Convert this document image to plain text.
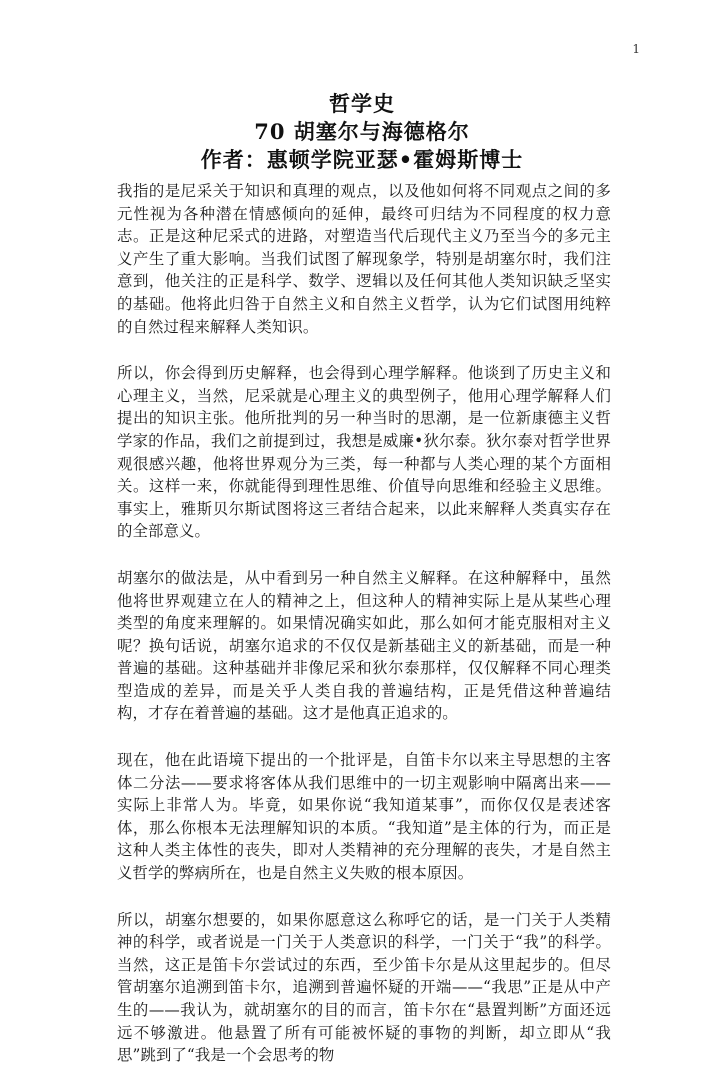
1
哲学史
70 胡塞尔与海德格尔
作者：惠顿学院亚瑟•霍姆斯博士

我指的是尼采关于知识和真理的观点，以及他如何将不同观点之间的多元性视为各种潜在情感倾向的延伸，最终可归结为不同程度的权力意志。正是这种尼采式的进路，对塑造当代后现代主义乃至当今的多元主义产生了重大影响。当我们试图了解现象学，特别是胡塞尔时，我们注意到，他关注的正是科学、数学、逻辑以及任何其他人类知识缺乏坚实的基础。他将此归咎于自然主义和自然主义哲学，认为它们试图用纯粹的自然过程来解释人类知识。

所以，你会得到历史解释，也会得到心理学解释。他谈到了历史主义和心理主义，当然，尼采就是心理主义的典型例子，他用心理学解释人们提出的知识主张。他所批判的另一种当时的思潮，是一位新康德主义哲学家的作品，我们之前提到过，我想是威廉•狄尔泰。狄尔泰对哲学世界观很感兴趣，他将世界观分为三类，每一种都与人类心理的某个方面相关。这样一来，你就能得到理性思维、价值导向思维和经验主义思维。事实上，雅斯贝尔斯试图将这三者结合起来，以此来解释人类真实存在的全部意义。

胡塞尔的做法是，从中看到另一种自然主义解释。在这种解释中，虽然他将世界观建立在人的精神之上，但这种人的精神实际上是从某些心理类型的角度来理解的。如果情况确实如此，那么如何才能克服相对主义呢？换句话说，胡塞尔追求的不仅仅是新基础主义的新基础，而是一种普遍的基础。这种基础并非像尼采和狄尔泰那样，仅仅解释不同心理类型造成的差异，而是关乎人类自我的普遍结构，正是凭借这种普遍结构，才存在着普遍的基础。这才是他真正追求的。

现在，他在此语境下提出的一个批评是，自笛卡尔以来主导思想的主客体二分法——要求将客体从我们思维中的一切主观影响中隔离出来——实际上非常人为。毕竟，如果你说“我知道某事”，而你仅仅是表述客体，那么你根本无法理解知识的本质。“我知道”是主体的行为，而正是这种人类主体性的丧失，即对人类精神的充分理解的丧失，才是自然主义哲学的弊病所在，也是自然主义失败的根本原因。

所以，胡塞尔想要的，如果你愿意这么称呼它的话，是一门关于人类精神的科学，或者说是一门关于人类意识的科学，一门关于“我”的科学。当然，这正是笛卡尔尝试过的东西，至少笛卡尔是从这里起步的。但尽管胡塞尔追溯到笛卡尔，追溯到普遍怀疑的开端——“我思”正是从中产生的——我认为，就胡塞尔的目的而言，笛卡尔在“悬置判断”方面还远远不够激进。他悬置了所有可能被怀疑的事物的判断，却立即从“我思”跳到了“我是一个会思考的物
